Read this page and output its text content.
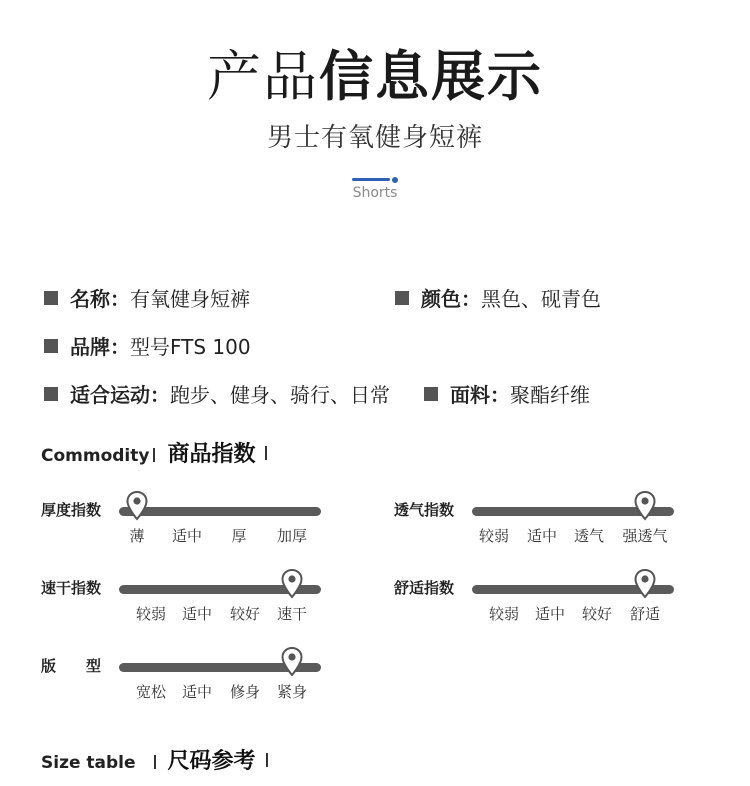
产品信息展示
男士有氧健身短裤
Shorts
名称：有氧健身短裤	颜色：黑色、砚青色
品牌：型号FTS 100
适合运动：跑步、健身、骑行、日常	面料：聚酯纤维
Commodity 商品指数
厚度指数
薄 适中 厚 加厚
透气指数
较弱 适中 透气 强透气
速干指数
较弱 适中 较好 速干
舒适指数
较弱 适中 较好 舒适
版　　型
宽松 适中 修身 紧身
Size table 尺码参考
